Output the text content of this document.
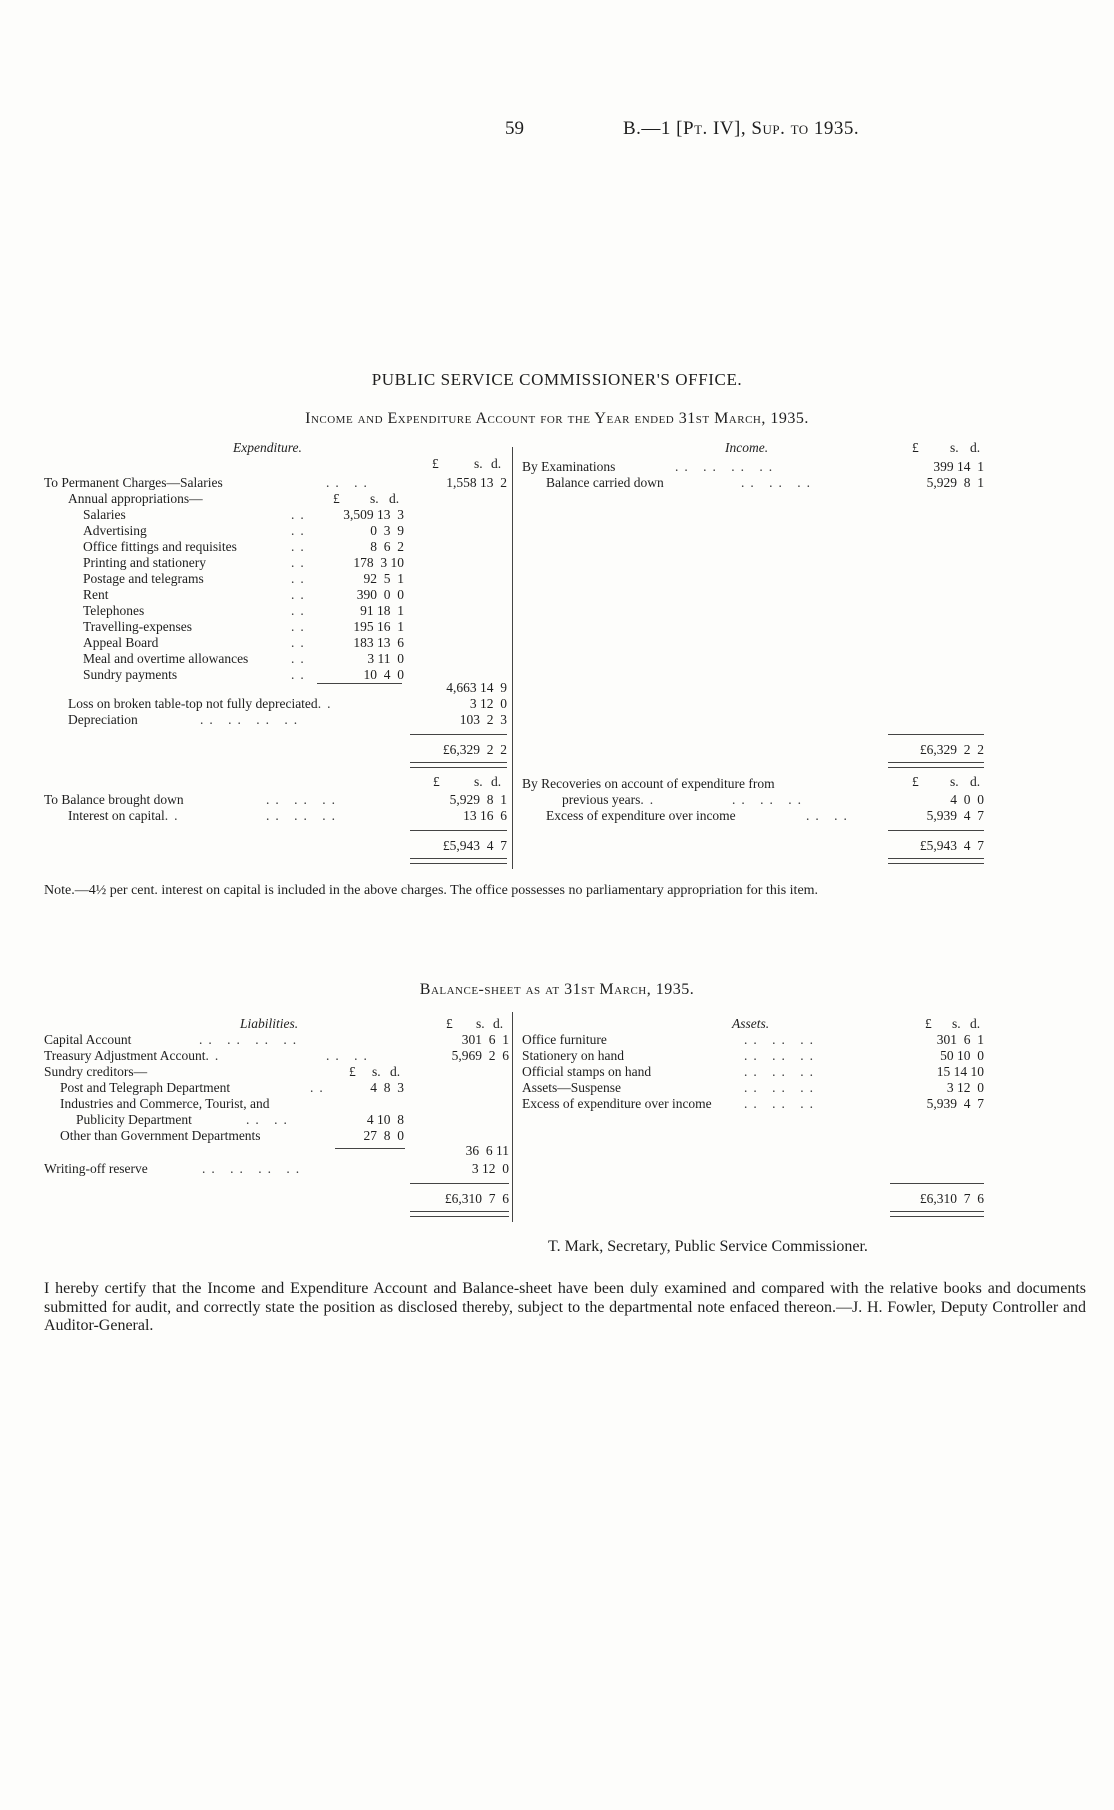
59	B.—1 [Pt. IV], Sup. to 1935.
PUBLIC SERVICE COMMISSIONER'S OFFICE.
Income and Expenditure Account for the Year ended 31st March, 1935.
Expenditure.	Income.
£	s. d.
£ s. d.
To Permanent Charges—Salaries	.. ..	1,558 13  2
Annual appropriations—	£ s. d.
Salaries	..	3,509 13  3
Advertising	..	0  3  9
Office fittings and requisites	..	8  6  2
Printing and stationery	..	178  3 10
Postage and telegrams	..	92  5  1
Rent	..	390  0  0
Telephones	..	91 18  1
Travelling-expenses	..	195 16  1
Appeal Board	..	183 13  6
Meal and overtime allowances	..	3 11  0
Sundry payments	..	10  4  0
4,663 14  9
Loss on broken table-top not fully depreciated..	3 12  0
Depreciation	.. .. .. ..	103  2  3
£6,329  2  2
By Examinations	.. .. .. ..	399 14  1
Balance carried down	.. .. ..	5,929  8  1
£6,329  2  2
£	s. d.	£ s. d.
To Balance brought down	.. .. ..	5,929  8  1
Interest on capital..	.. .. ..	13 16  6
£5,943  4  7
By Recoveries on account of expenditure from
previous years..	.. .. ..	4  0  0
Excess of expenditure over income	.. ..	5,939  4  7
£5,943  4  7
Note.—4½ per cent. interest on capital is included in the above charges. The office possesses no parliamentary appropriation for this item.
Balance-sheet as at 31st March, 1935.
Liabilities.	Assets.
£ s. d.	£ s. d.
Capital Account	.. .. .. ..	301  6  1
Treasury Adjustment Account..	.. ..	5,969  2  6
Sundry creditors—	£ s. d.
Post and Telegraph Department	..	4  8  3
Industries and Commerce, Tourist, and
Publicity Department	.. ..	4 10  8
Other than Government Departments	27  8  0
36  6 11
Writing-off reserve	.. .. .. ..	3 12  0
£6,310  7  6
Office furniture	.. .. ..	301  6  1
Stationery on hand	.. .. ..	50 10  0
Official stamps on hand	.. .. ..	15 14 10
Assets—Suspense	.. .. ..	3 12  0
Excess of expenditure over income .. .. ..	5,939  4  7
£6,310  7  6
T. Mark, Secretary, Public Service Commissioner.
I hereby certify that the Income and Expenditure Account and Balance-sheet have been duly examined and compared with the relative books and documents submitted for audit, and correctly state the position as disclosed thereby, subject to the departmental note enfaced thereon.—J. H. Fowler, Deputy Controller and Auditor-General.
